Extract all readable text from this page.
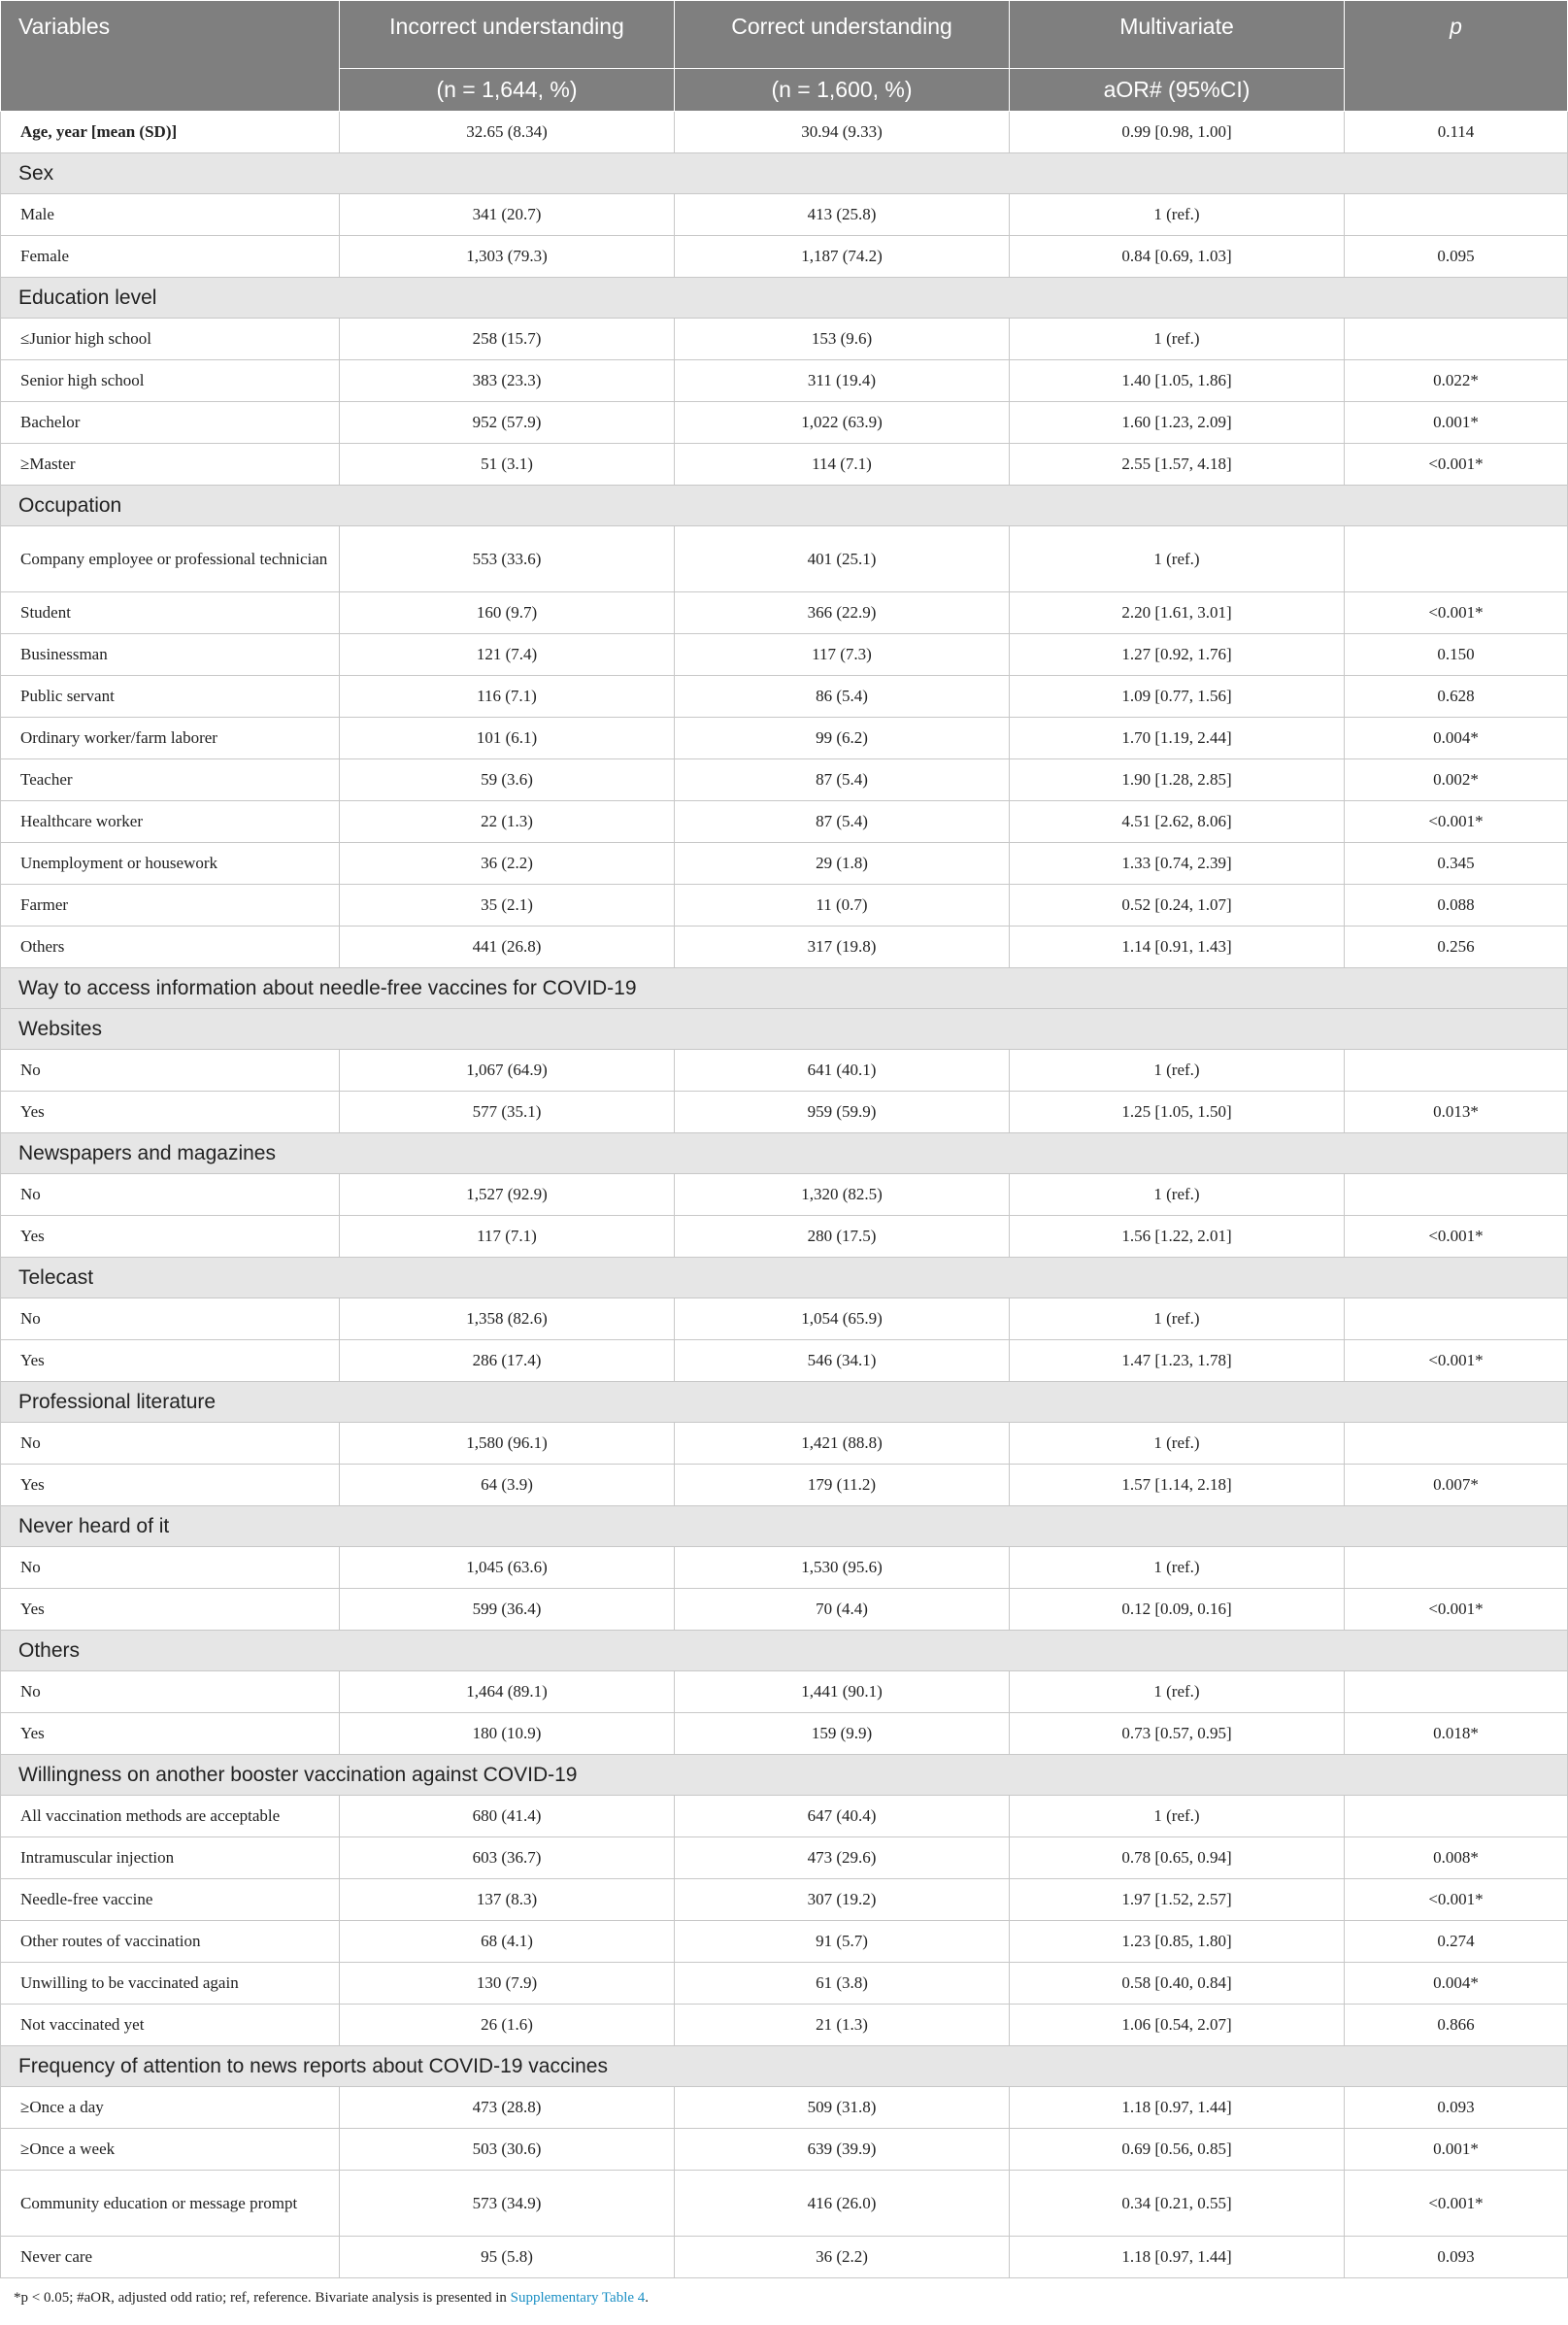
Variables	Incorrect understanding	Correct understanding	Multivariate	p
	(n = 1,644, %)	(n = 1,600, %)	aOR# (95%CI)	
Age, year [mean (SD)]	32.65 (8.34)	30.94 (9.33)	0.99 [0.98, 1.00]	0.114
Sex				
Male	341 (20.7)	413 (25.8)	1 (ref.)	
Female	1,303 (79.3)	1,187 (74.2)	0.84 [0.69, 1.03]	0.095
Education level				
≤Junior high school	258 (15.7)	153 (9.6)	1 (ref.)	
Senior high school	383 (23.3)	311 (19.4)	1.40 [1.05, 1.86]	0.022*
Bachelor	952 (57.9)	1,022 (63.9)	1.60 [1.23, 2.09]	0.001*
≥Master	51 (3.1)	114 (7.1)	2.55 [1.57, 4.18]	<0.001*
Occupation				
Company employee or professional technician	553 (33.6)	401 (25.1)	1 (ref.)	
Student	160 (9.7)	366 (22.9)	2.20 [1.61, 3.01]	<0.001*
Businessman	121 (7.4)	117 (7.3)	1.27 [0.92, 1.76]	0.150
Public servant	116 (7.1)	86 (5.4)	1.09 [0.77, 1.56]	0.628
Ordinary worker/farm laborer	101 (6.1)	99 (6.2)	1.70 [1.19, 2.44]	0.004*
Teacher	59 (3.6)	87 (5.4)	1.90 [1.28, 2.85]	0.002*
Healthcare worker	22 (1.3)	87 (5.4)	4.51 [2.62, 8.06]	<0.001*
Unemployment or housework	36 (2.2)	29 (1.8)	1.33 [0.74, 2.39]	0.345
Farmer	35 (2.1)	11 (0.7)	0.52 [0.24, 1.07]	0.088
Others	441 (26.8)	317 (19.8)	1.14 [0.91, 1.43]	0.256
Way to access information about needle-free vaccines for COVID-19				
Websites				
No	1,067 (64.9)	641 (40.1)	1 (ref.)	
Yes	577 (35.1)	959 (59.9)	1.25 [1.05, 1.50]	0.013*
Newspapers and magazines				
No	1,527 (92.9)	1,320 (82.5)	1 (ref.)	
Yes	117 (7.1)	280 (17.5)	1.56 [1.22, 2.01]	<0.001*
Telecast				
No	1,358 (82.6)	1,054 (65.9)	1 (ref.)	
Yes	286 (17.4)	546 (34.1)	1.47 [1.23, 1.78]	<0.001*
Professional literature				
No	1,580 (96.1)	1,421 (88.8)	1 (ref.)	
Yes	64 (3.9)	179 (11.2)	1.57 [1.14, 2.18]	0.007*
Never heard of it				
No	1,045 (63.6)	1,530 (95.6)	1 (ref.)	
Yes	599 (36.4)	70 (4.4)	0.12 [0.09, 0.16]	<0.001*
Others				
No	1,464 (89.1)	1,441 (90.1)	1 (ref.)	
Yes	180 (10.9)	159 (9.9)	0.73 [0.57, 0.95]	0.018*
Willingness on another booster vaccination against COVID-19				
All vaccination methods are acceptable	680 (41.4)	647 (40.4)	1 (ref.)	
Intramuscular injection	603 (36.7)	473 (29.6)	0.78 [0.65, 0.94]	0.008*
Needle-free vaccine	137 (8.3)	307 (19.2)	1.97 [1.52, 2.57]	<0.001*
Other routes of vaccination	68 (4.1)	91 (5.7)	1.23 [0.85, 1.80]	0.274
Unwilling to be vaccinated again	130 (7.9)	61 (3.8)	0.58 [0.40, 0.84]	0.004*
Not vaccinated yet	26 (1.6)	21 (1.3)	1.06 [0.54, 2.07]	0.866
Frequency of attention to news reports about COVID-19 vaccines				
≥Once a day	473 (28.8)	509 (31.8)	1.18 [0.97, 1.44]	0.093
≥Once a week	503 (30.6)	639 (39.9)	0.69 [0.56, 0.85]	0.001*
Community education or message prompt	573 (34.9)	416 (26.0)	0.34 [0.21, 0.55]	<0.001*
Never care	95 (5.8)	36 (2.2)	1.18 [0.97, 1.44]	0.093
*p < 0.05; #aOR, adjusted odd ratio; ref, reference. Bivariate analysis is presented in Supplementary Table 4.
